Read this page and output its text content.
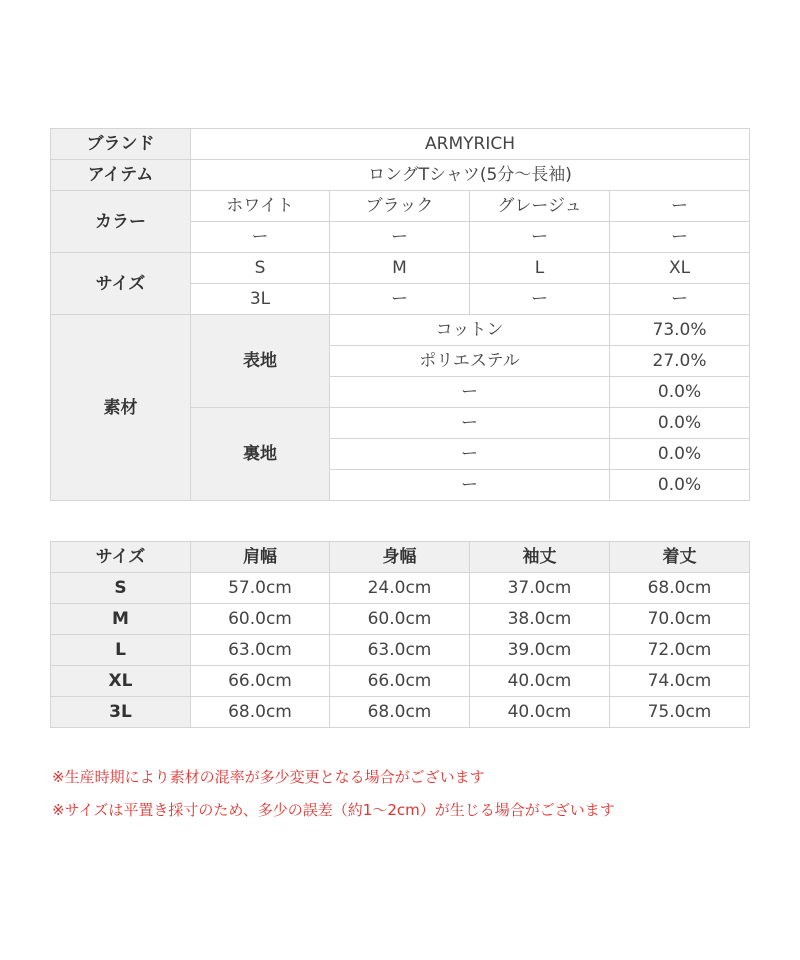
ブランド	ARMYRICH			
アイテム	ロングTシャツ(5分〜長袖)			
カラー	ホワイト	ブラック	グレージュ	ー
	ー	ー	ー	ー
サイズ	S	M	L	XL
	3L	ー	ー	ー
素材	表地	コットン		73.0%
		ポリエステル		27.0%
		ー		0.0%
	裏地	ー		0.0%
		ー		0.0%
		ー		0.0%
サイズ	肩幅	身幅	袖丈	着丈
S	57.0cm	24.0cm	37.0cm	68.0cm
M	60.0cm	60.0cm	38.0cm	70.0cm
L	63.0cm	63.0cm	39.0cm	72.0cm
XL	66.0cm	66.0cm	40.0cm	74.0cm
3L	68.0cm	68.0cm	40.0cm	75.0cm

※生産時期により素材の混率が多少変更となる場合がございます

※サイズは平置き採寸のため、多少の誤差（約1〜2cm）が生じる場合がございます
